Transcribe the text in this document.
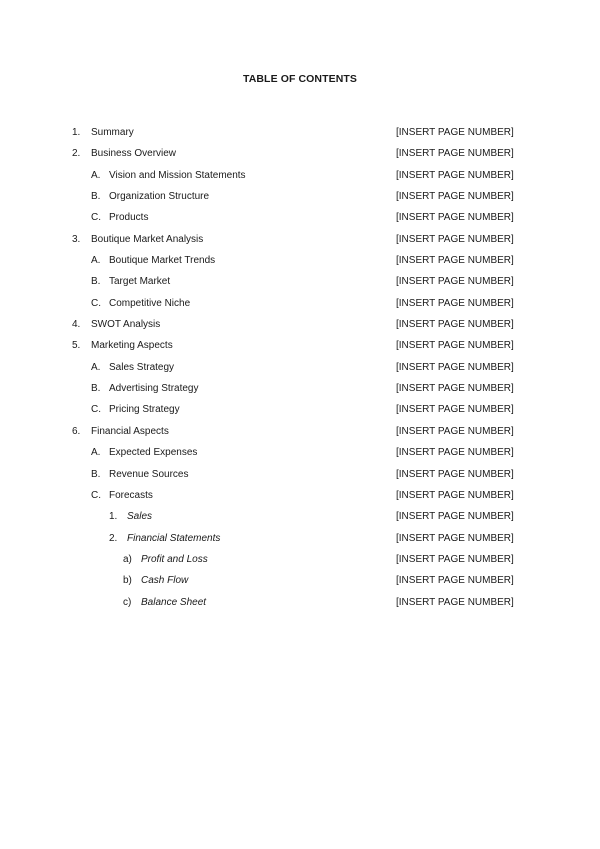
TABLE OF CONTENTS
1. Summary	[INSERT PAGE NUMBER]
2. Business Overview	[INSERT PAGE NUMBER]
A. Vision and Mission Statements	[INSERT PAGE NUMBER]
B. Organization Structure	[INSERT PAGE NUMBER]
C. Products	[INSERT PAGE NUMBER]
3. Boutique Market Analysis	[INSERT PAGE NUMBER]
A. Boutique Market Trends	[INSERT PAGE NUMBER]
B. Target Market	[INSERT PAGE NUMBER]
C. Competitive Niche	[INSERT PAGE NUMBER]
4. SWOT Analysis	[INSERT PAGE NUMBER]
5. Marketing Aspects	[INSERT PAGE NUMBER]
A. Sales Strategy	[INSERT PAGE NUMBER]
B. Advertising Strategy	[INSERT PAGE NUMBER]
C. Pricing Strategy	[INSERT PAGE NUMBER]
6. Financial Aspects	[INSERT PAGE NUMBER]
A. Expected Expenses	[INSERT PAGE NUMBER]
B. Revenue Sources	[INSERT PAGE NUMBER]
C. Forecasts	[INSERT PAGE NUMBER]
1. Sales	[INSERT PAGE NUMBER]
2. Financial Statements	[INSERT PAGE NUMBER]
a) Profit and Loss	[INSERT PAGE NUMBER]
b) Cash Flow	[INSERT PAGE NUMBER]
c) Balance Sheet	[INSERT PAGE NUMBER]
